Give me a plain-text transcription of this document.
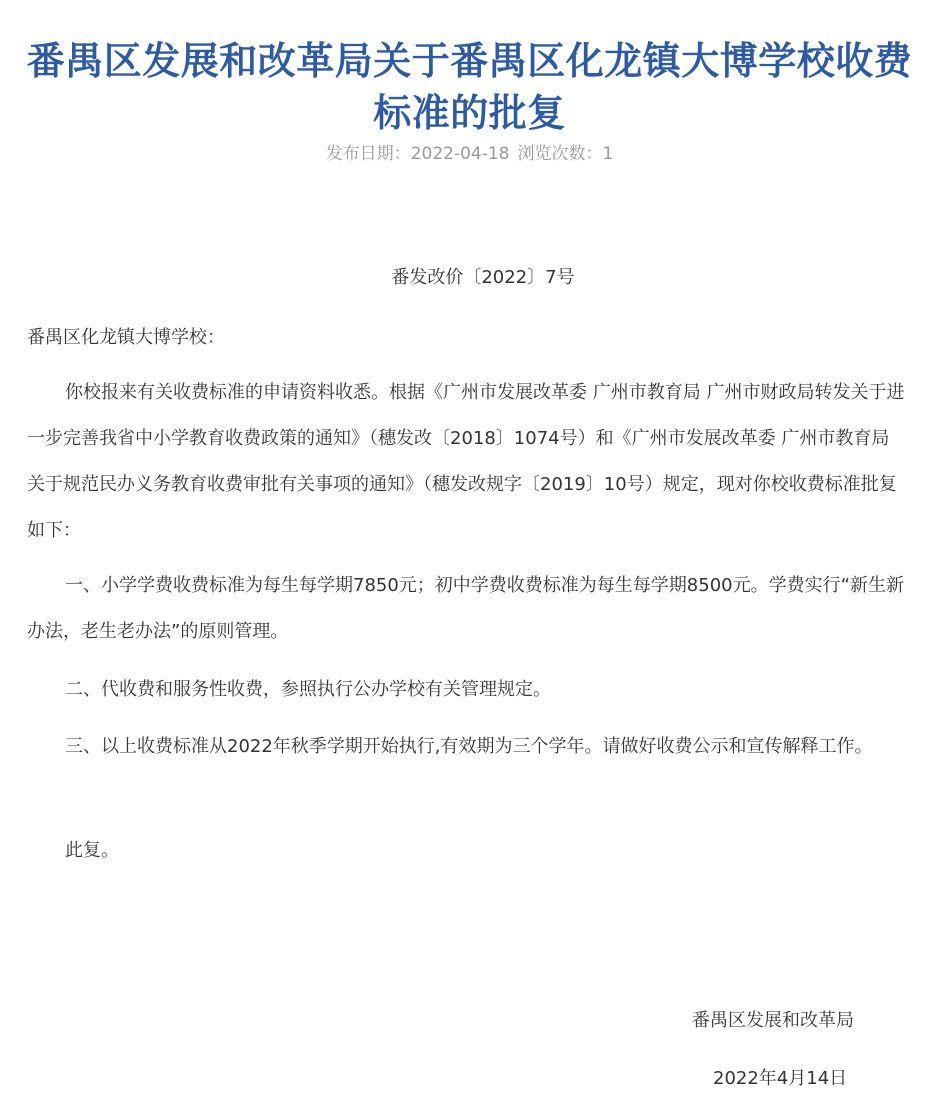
番禺区发展和改革局关于番禺区化龙镇大博学校收费标准的批复
发布日期：2022-04-18 浏览次数：1
番发改价〔2022〕7号

番禺区化龙镇大博学校：

你校报来有关收费标准的申请资料收悉。根据《广州市发展改革委 广州市教育局 广州市财政局转发关于进一步完善我省中小学教育收费政策的通知》（穗发改〔2018〕1074号）和《广州市发展改革委 广州市教育局关于规范民办义务教育收费审批有关事项的通知》（穗发改规字〔2019〕10号）规定，现对你校收费标准批复如下：

一、小学学费收费标准为每生每学期7850元；初中学费收费标准为每生每学期8500元。学费实行“新生新办法，老生老办法”的原则管理。

二、代收费和服务性收费，参照执行公办学校有关管理规定。

三、以上收费标准从2022年秋季学期开始执行,有效期为三个学年。请做好收费公示和宣传解释工作。

此复。

番禺区发展和改革局
2022年4月14日
